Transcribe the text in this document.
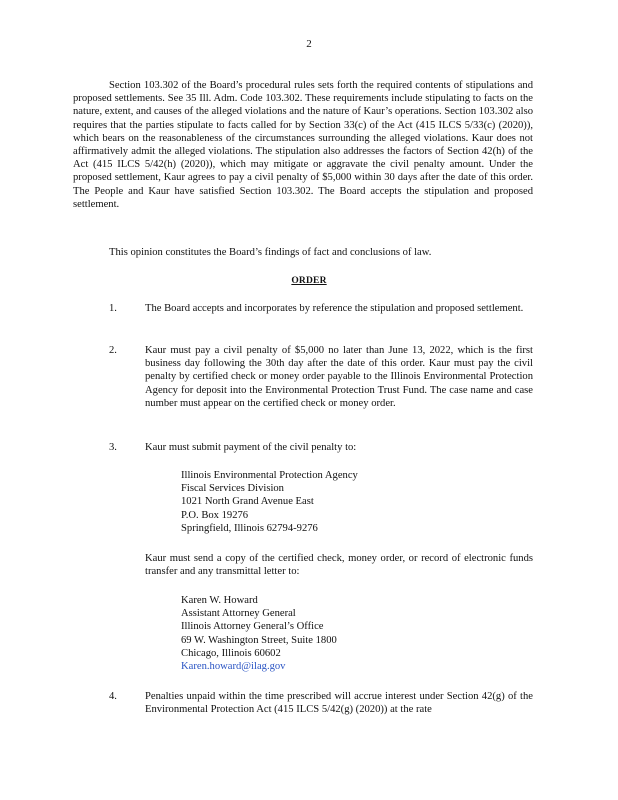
2

Section 103.302 of the Board’s procedural rules sets forth the required contents of stipulations and proposed settlements. See 35 Ill. Adm. Code 103.302. These requirements include stipulating to facts on the nature, extent, and causes of the alleged violations and the nature of Kaur’s operations. Section 103.302 also requires that the parties stipulate to facts called for by Section 33(c) of the Act (415 ILCS 5/33(c) (2020)), which bears on the reasonableness of the circumstances surrounding the alleged violations. Kaur does not affirmatively admit the alleged violations. The stipulation also addresses the factors of Section 42(h) of the Act (415 ILCS 5/42(h) (2020)), which may mitigate or aggravate the civil penalty amount. Under the proposed settlement, Kaur agrees to pay a civil penalty of $5,000 within 30 days after the date of this order. The People and Kaur have satisfied Section 103.302. The Board accepts the stipulation and proposed settlement.

This opinion constitutes the Board’s findings of fact and conclusions of law.

ORDER
1.	The Board accepts and incorporates by reference the stipulation and proposed settlement.
2.	Kaur must pay a civil penalty of $5,000 no later than June 13, 2022, which is the first business day following the 30th day after the date of this order. Kaur must pay the civil penalty by certified check or money order payable to the Illinois Environmental Protection Agency for deposit into the Environmental Protection Trust Fund. The case name and case number must appear on the certified check or money order.
3.	Kaur must submit payment of the civil penalty to:
Illinois Environmental Protection Agency
Fiscal Services Division
1021 North Grand Avenue East
P.O. Box 19276
Springfield, Illinois 62794-9276

Kaur must send a copy of the certified check, money order, or record of electronic funds transfer and any transmittal letter to:

Karen W. Howard
Assistant Attorney General
Illinois Attorney General’s Office
69 W. Washington Street, Suite 1800
Chicago, Illinois 60602
Karen.howard@ilag.gov
4.	Penalties unpaid within the time prescribed will accrue interest under Section 42(g) of the Environmental Protection Act (415 ILCS 5/42(g) (2020)) at the rate
